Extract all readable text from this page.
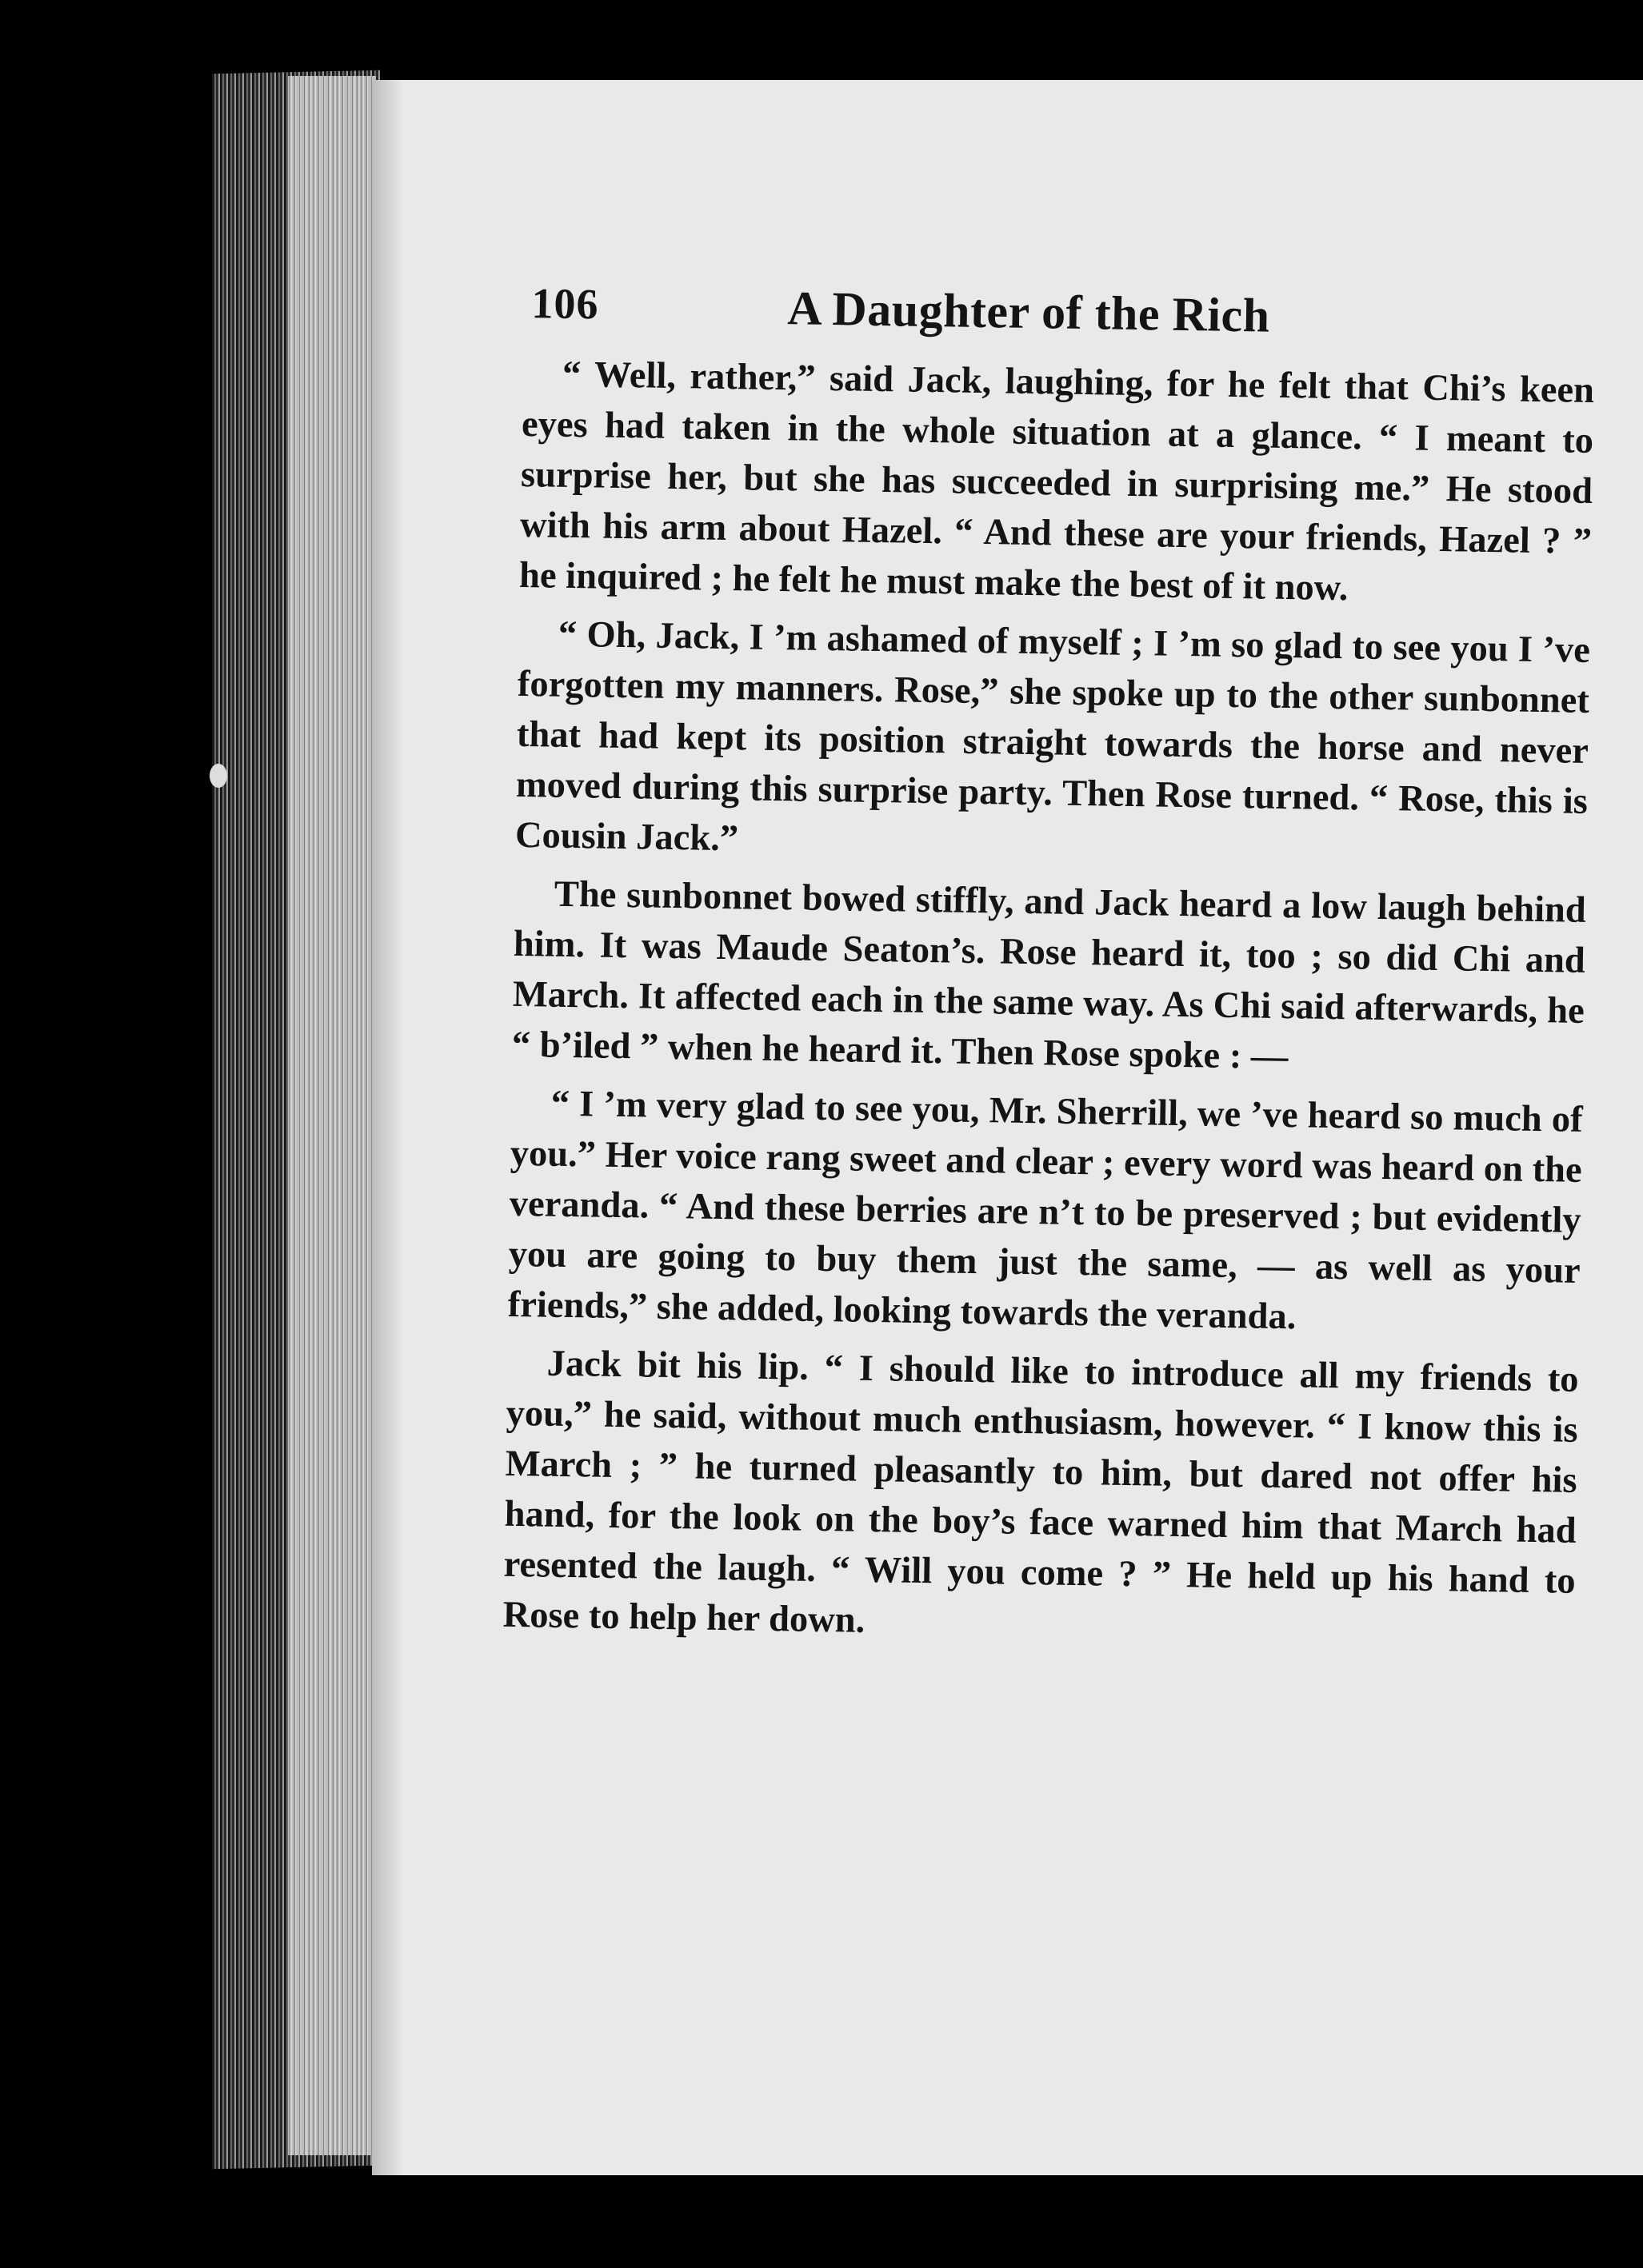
106	A Daughter of the Rich

“ Well, rather,” said Jack, laughing, for he felt that Chi’s keen eyes had taken in the whole situation at a glance. “ I meant to surprise her, but she has succeeded in surprising me.” He stood with his arm about Hazel. “ And these are your friends, Hazel ? ” he inquired ; he felt he must make the best of it now.

“ Oh, Jack, I ’m ashamed of myself ; I ’m so glad to see you I ’ve forgotten my manners. Rose,” she spoke up to the other sunbonnet that had kept its position straight towards the horse and never moved during this surprise party. Then Rose turned. “ Rose, this is Cousin Jack.”

The sunbonnet bowed stiffly, and Jack heard a low laugh behind him. It was Maude Seaton’s. Rose heard it, too ; so did Chi and March. It affected each in the same way. As Chi said afterwards, he “ b’iled ” when he heard it. Then Rose spoke : —

“ I ’m very glad to see you, Mr. Sherrill, we ’ve heard so much of you.” Her voice rang sweet and clear ; every word was heard on the veranda. “ And these berries are n’t to be preserved ; but evidently you are going to buy them just the same, — as well as your friends,” she added, looking towards the veranda.

Jack bit his lip. “ I should like to introduce all my friends to you,” he said, without much enthusiasm, however. “ I know this is March ; ” he turned pleasantly to him, but dared not offer his hand, for the look on the boy’s face warned him that March had resented the laugh. “ Will you come ? ” He held up his hand to Rose to help her down.
